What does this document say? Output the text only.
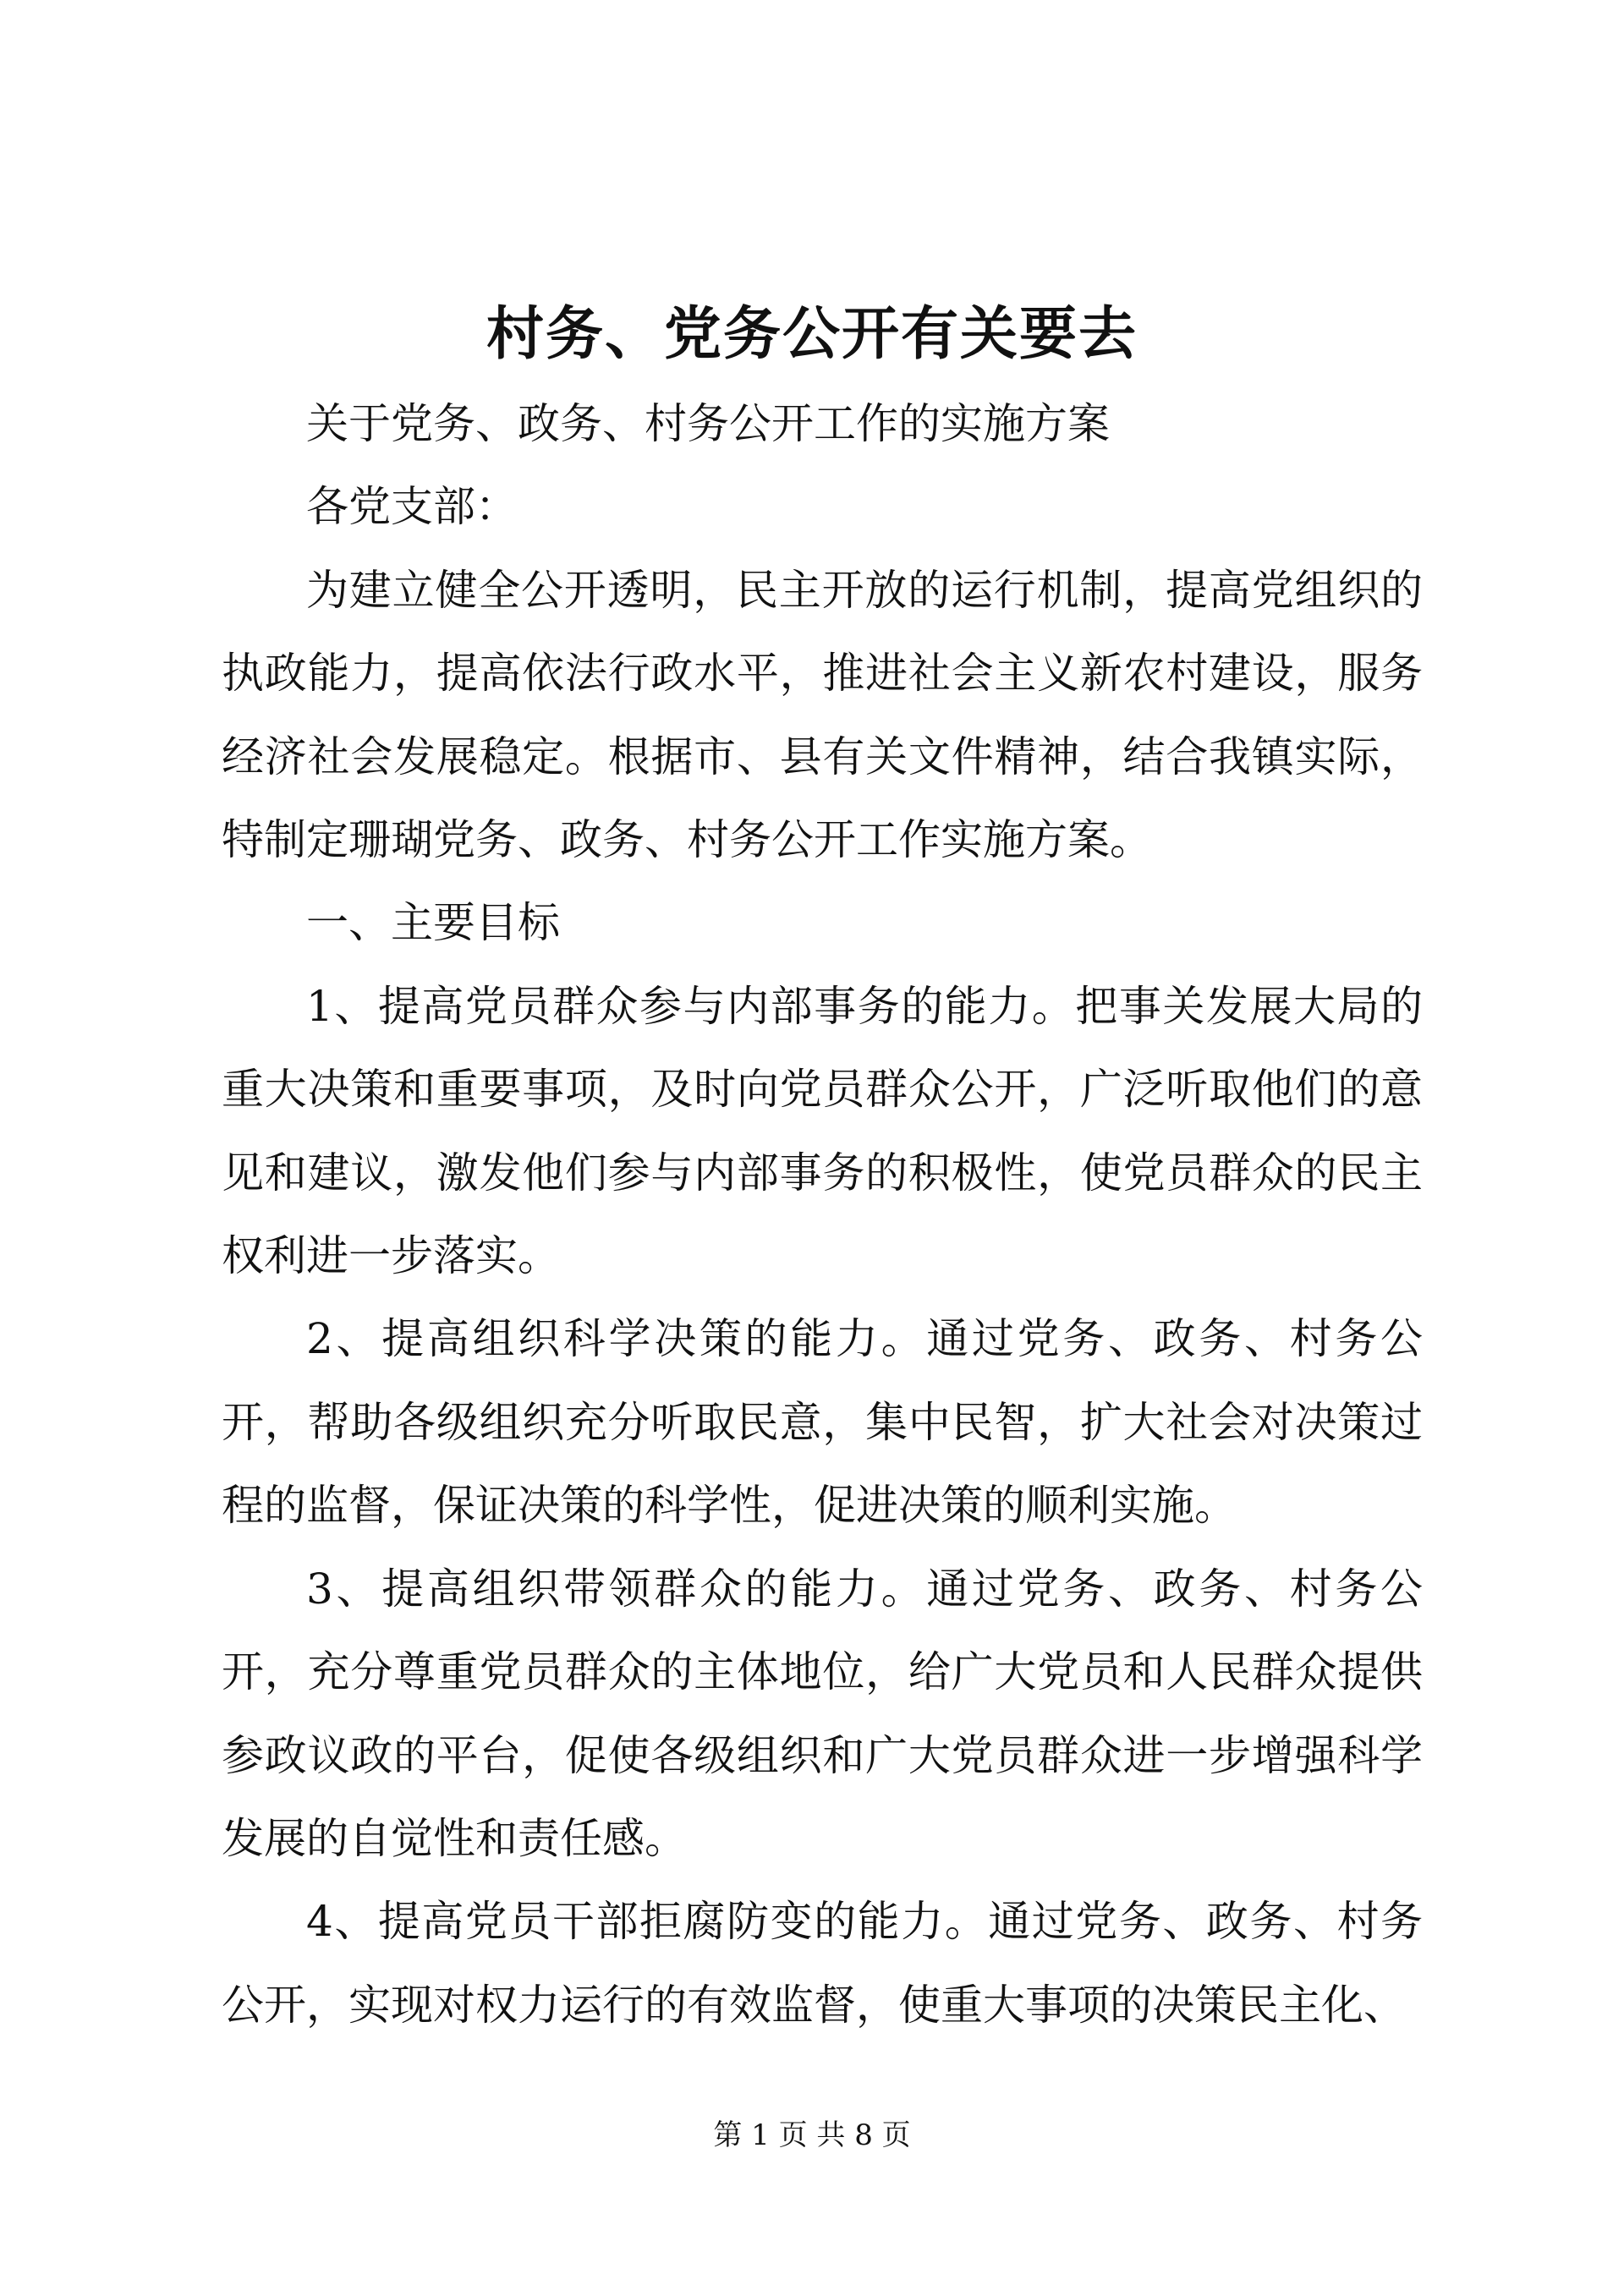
村务、党务公开有关要去

关于党务、政务、村务公开工作的实施方案

各党支部：

为建立健全公开透明，民主开放的运行机制，提高党组织的执政能力，提高依法行政水平，推进社会主义新农村建设，服务经济社会发展稳定。根据市、县有关文件精神，结合我镇实际，特制定珊瑚党务、政务、村务公开工作实施方案。

一、主要目标

1、提高党员群众参与内部事务的能力。把事关发展大局的重大决策和重要事项，及时向党员群众公开，广泛听取他们的意见和建议，激发他们参与内部事务的积极性，使党员群众的民主权利进一步落实。

2、提高组织科学决策的能力。通过党务、政务、村务公开，帮助各级组织充分听取民意，集中民智，扩大社会对决策过程的监督，保证决策的科学性，促进决策的顺利实施。

3、提高组织带领群众的能力。通过党务、政务、村务公开，充分尊重党员群众的主体地位，给广大党员和人民群众提供参政议政的平台，促使各级组织和广大党员群众进一步增强科学发展的自觉性和责任感。

4、提高党员干部拒腐防变的能力。通过党务、政务、村务公开，实现对权力运行的有效监督，使重大事项的决策民主化、

第 1 页 共 8 页
